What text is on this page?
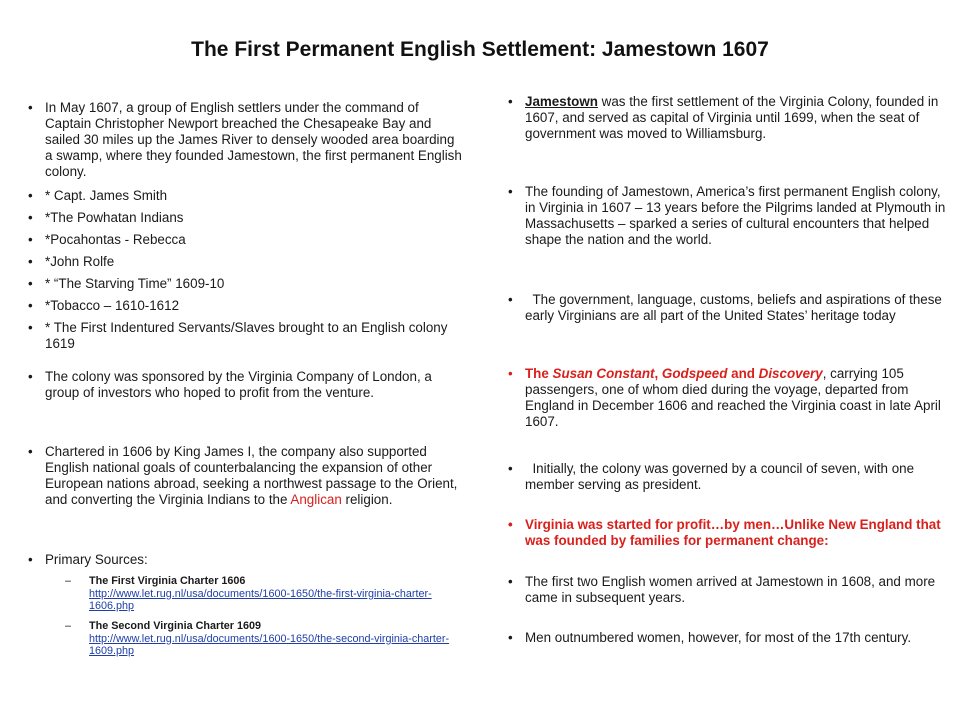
The First Permanent English Settlement: Jamestown 1607
• In May 1607, a group of English settlers under the command of Captain Christopher Newport breached the Chesapeake Bay and sailed 30 miles up the James River to densely wooded area boarding a swamp, where they founded Jamestown, the first permanent English colony.
• * Capt. James Smith
• *The Powhatan Indians
• *Pocahontas - Rebecca
• *John Rolfe
• * “The Starving Time” 1609-10
• *Tobacco – 1610-1612
• * The First Indentured Servants/Slaves brought to an English colony 1619
• The colony was sponsored by the Virginia Company of London, a group of investors who hoped to profit from the venture.
• Chartered in 1606 by King James I, the company also supported English national goals of counterbalancing the expansion of other European nations abroad, seeking a northwest passage to the Orient, and converting the Virginia Indians to the Anglican religion.
• Primary Sources:
– The First Virginia Charter 1606
http://www.let.rug.nl/usa/documents/1600-1650/the-first-virginia-charter-1606.php
– The Second Virginia Charter 1609
http://www.let.rug.nl/usa/documents/1600-1650/the-second-virginia-charter-1609.php
• Jamestown was the first settlement of the Virginia Colony, founded in 1607, and served as capital of Virginia until 1699, when the seat of government was moved to Williamsburg.
• The founding of Jamestown, America’s first permanent English colony, in Virginia in 1607 – 13 years before the Pilgrims landed at Plymouth in Massachusetts – sparked a series of cultural encounters that helped shape the nation and the world.
• The government, language, customs, beliefs and aspirations of these early Virginians are all part of the United States’ heritage today
• The Susan Constant, Godspeed and Discovery, carrying 105 passengers, one of whom died during the voyage, departed from England in December 1606 and reached the Virginia coast in late April 1607.
• Initially, the colony was governed by a council of seven, with one member serving as president.
• Virginia was started for profit…by men…Unlike New England that was founded by families for permanent change:
• The first two English women arrived at Jamestown in 1608, and more came in subsequent years.
• Men outnumbered women, however, for most of the 17th century.
